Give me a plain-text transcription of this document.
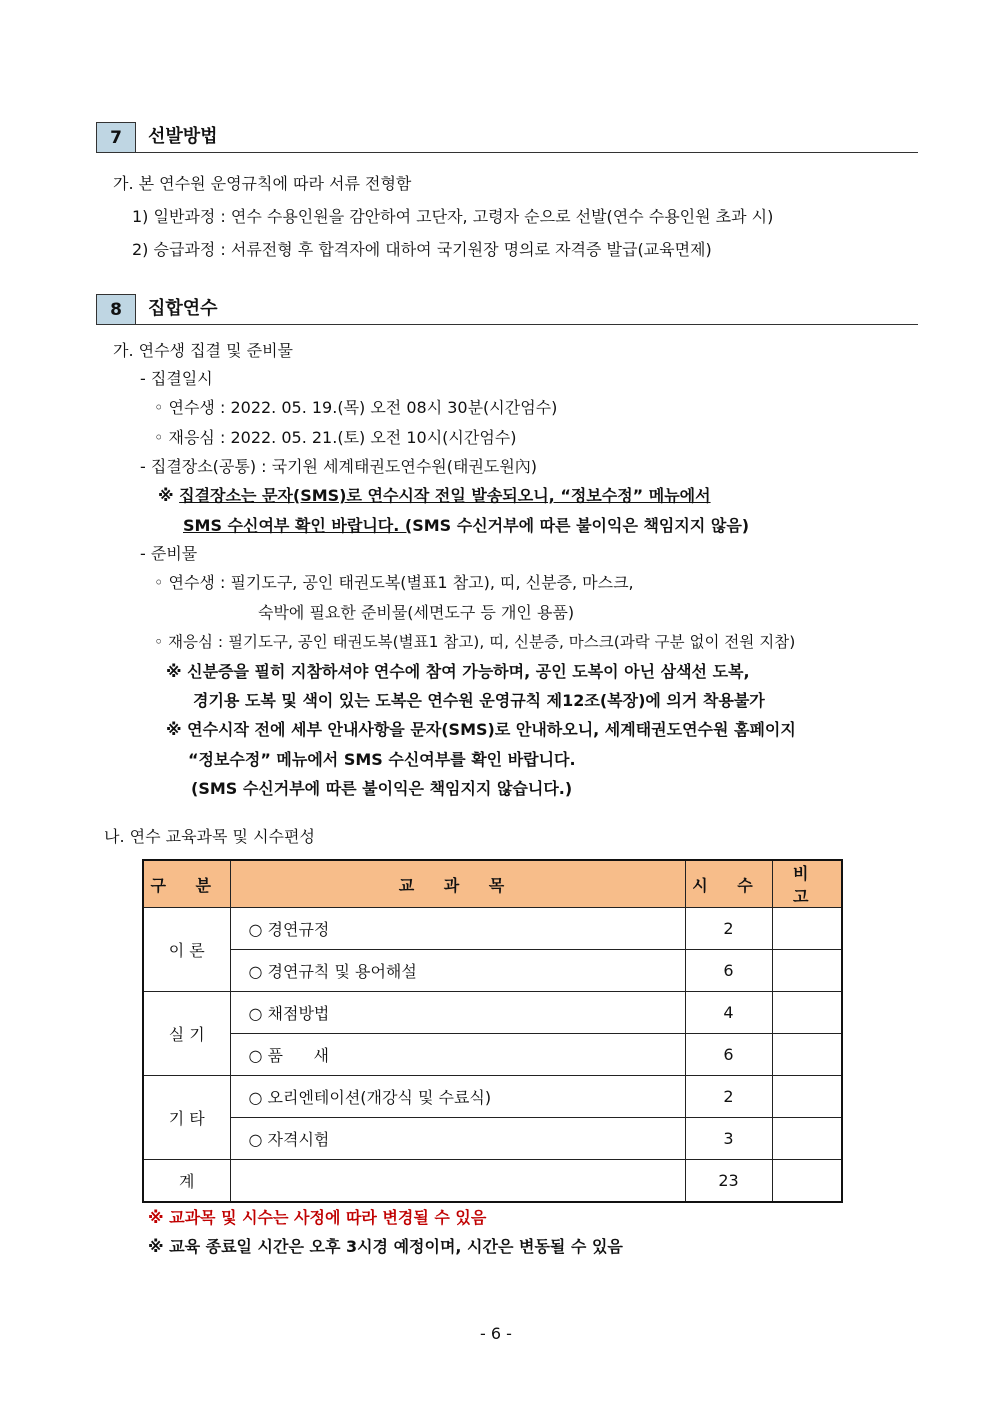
7	선발방법
가. 본 연수원 운영규칙에 따라 서류 전형함
1) 일반과정 : 연수 수용인원을 감안하여 고단자, 고령자 순으로 선발(연수 수용인원 초과 시)
2) 승급과정 : 서류전형 후 합격자에 대하여 국기원장 명의로 자격증 발급(교육면제)
8	집합연수
가. 연수생 집결 및 준비물
- 집결일시
◦ 연수생 : 2022. 05. 19.(목) 오전 08시 30분(시간엄수)
◦ 재응심 : 2022. 05. 21.(토) 오전 10시(시간엄수)
- 집결장소(공통) : 국기원 세계태권도연수원(태권도원內)
※ 집결장소는 문자(SMS)로 연수시작 전일 발송되오니, “정보수정” 메뉴에서
SMS 수신여부 확인 바랍니다. (SMS 수신거부에 따른 불이익은 책임지지 않음)
- 준비물
◦ 연수생 : 필기도구, 공인 태권도복(별표1 참고), 띠, 신분증, 마스크,
숙박에 필요한 준비물(세면도구 등 개인 용품)
◦ 재응심 : 필기도구, 공인 태권도복(별표1 참고), 띠, 신분증, 마스크(과락 구분 없이 전원 지참)
※ 신분증을 필히 지참하셔야 연수에 참여 가능하며, 공인 도복이 아닌 삼색선 도복,
경기용 도복 및 색이 있는 도복은 연수원 운영규칙 제12조(복장)에 의거 착용불가
※ 연수시작 전에 세부 안내사항을 문자(SMS)로 안내하오니, 세계태권도연수원 홈페이지
“정보수정” 메뉴에서 SMS 수신여부를 확인 바랍니다.
(SMS 수신거부에 따른 불이익은 책임지지 않습니다.)
나. 연수 교육과목 및 시수편성
구 분	교 과 목	시 수	비 고
이 론	○ 경연규정	2	
	○ 경연규칙 및 용어해설	6	
실 기	○ 채점방법	4	
	○ 품      새	6	
기 타	○ 오리엔테이션(개강식 및 수료식)	2	
	○ 자격시험	3	
계		23	
※ 교과목 및 시수는 사정에 따라 변경될 수 있음
※ 교육 종료일 시간은 오후 3시경 예정이며, 시간은 변동될 수 있음
- 6 -
